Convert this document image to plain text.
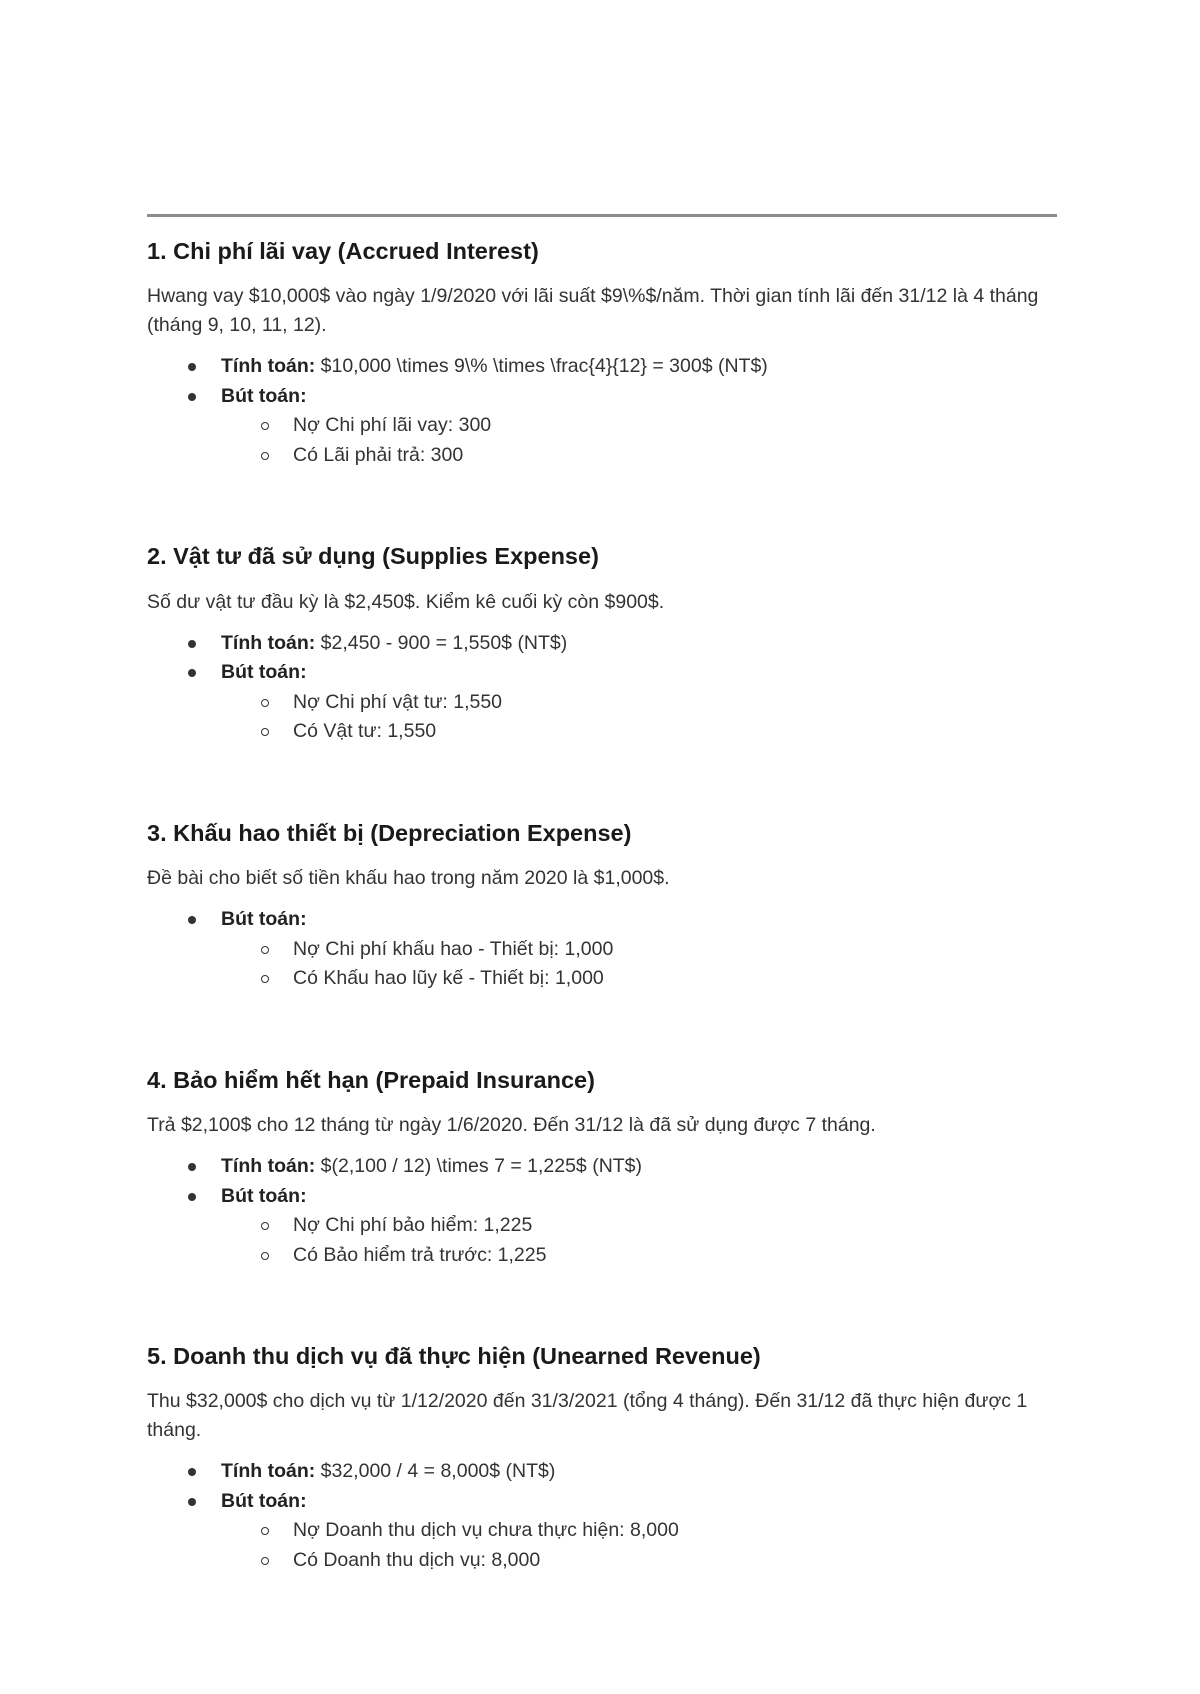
1. Chi phí lãi vay (Accrued Interest)

Hwang vay $10,000$ vào ngày 1/9/2020 với lãi suất $9\%$/năm. Thời gian tính lãi đến 31/12 là 4 tháng (tháng 9, 10, 11, 12).

Tính toán: $10,000 \times 9\% \times \frac{4}{12} = 300$ (NT$)
Bút toán:
Nợ Chi phí lãi vay: 300
Có Lãi phải trả: 300
2. Vật tư đã sử dụng (Supplies Expense)

Số dư vật tư đầu kỳ là $2,450$. Kiểm kê cuối kỳ còn $900$.

Tính toán: $2,450 - 900 = 1,550$ (NT$)
Bút toán:
Nợ Chi phí vật tư: 1,550
Có Vật tư: 1,550
3. Khấu hao thiết bị (Depreciation Expense)

Đề bài cho biết số tiền khấu hao trong năm 2020 là $1,000$.

Bút toán:
Nợ Chi phí khấu hao - Thiết bị: 1,000
Có Khấu hao lũy kế - Thiết bị: 1,000
4. Bảo hiểm hết hạn (Prepaid Insurance)

Trả $2,100$ cho 12 tháng từ ngày 1/6/2020. Đến 31/12 là đã sử dụng được 7 tháng.

Tính toán: $(2,100 / 12) \times 7 = 1,225$ (NT$)
Bút toán:
Nợ Chi phí bảo hiểm: 1,225
Có Bảo hiểm trả trước: 1,225
5. Doanh thu dịch vụ đã thực hiện (Unearned Revenue)

Thu $32,000$ cho dịch vụ từ 1/12/2020 đến 31/3/2021 (tổng 4 tháng). Đến 31/12 đã thực hiện được 1 tháng.

Tính toán: $32,000 / 4 = 8,000$ (NT$)
Bút toán:
Nợ Doanh thu dịch vụ chưa thực hiện: 8,000
Có Doanh thu dịch vụ: 8,000
